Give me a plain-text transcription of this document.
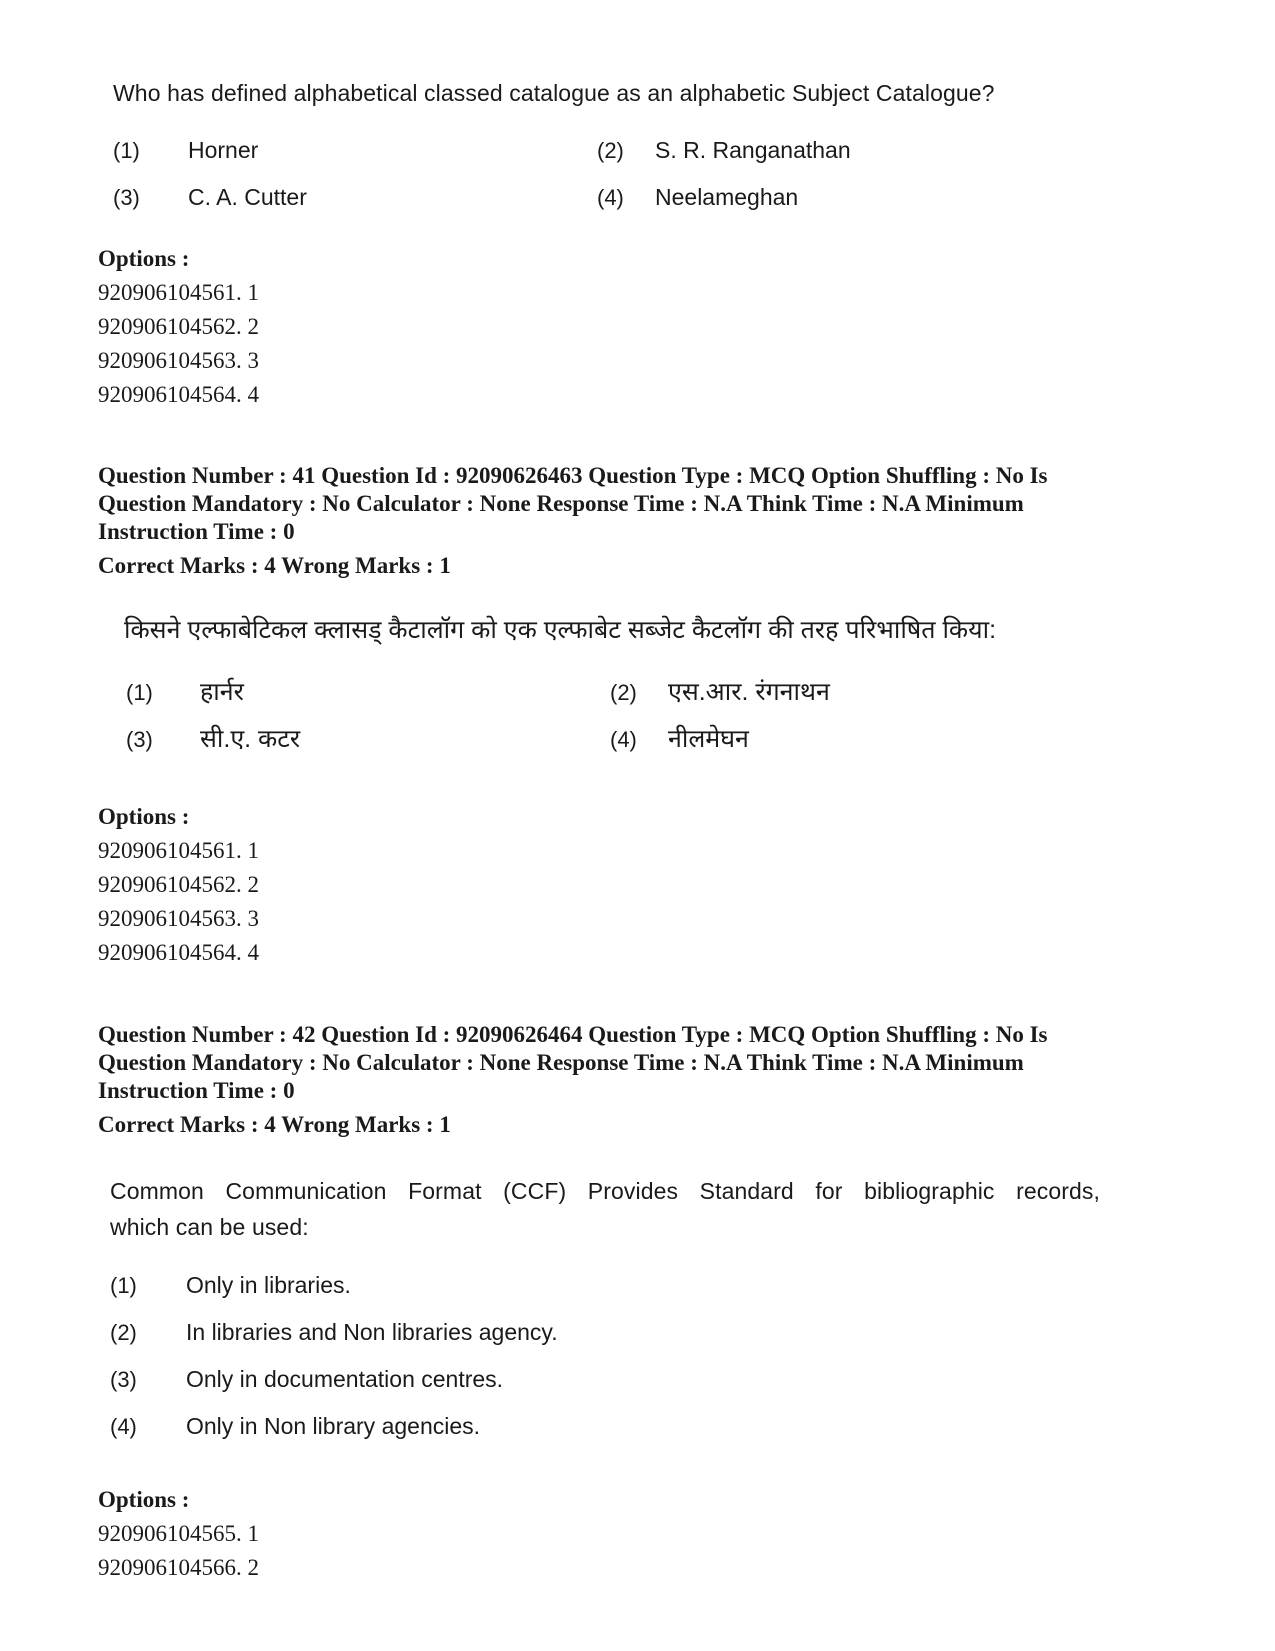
Who has defined alphabetical classed catalogue as an alphabetic Subject Catalogue?
(1) Horner	(2) S. R. Ranganathan
(3) C. A. Cutter	(4) Neelameghan
Options :
920906104561. 1
920906104562. 2
920906104563. 3
920906104564. 4
Question Number : 41 Question Id : 92090626463 Question Type : MCQ Option Shuffling : No Is
Question Mandatory : No Calculator : None Response Time : N.A Think Time : N.A Minimum
Instruction Time : 0
Correct Marks : 4 Wrong Marks : 1
किसने एल्फाबेटिकल क्लासड् कैटालॉग को एक एल्फाबेट सब्जेट कैटलॉग की तरह परिभाषित किया:
(1) हार्नर	(2) एस.आर. रंगनाथन
(3) सी.ए. कटर	(4) नीलमेघन
Options :
920906104561. 1
920906104562. 2
920906104563. 3
920906104564. 4
Question Number : 42 Question Id : 92090626464 Question Type : MCQ Option Shuffling : No Is
Question Mandatory : No Calculator : None Response Time : N.A Think Time : N.A Minimum
Instruction Time : 0
Correct Marks : 4 Wrong Marks : 1
Common Communication Format (CCF) Provides Standard for bibliographic records,
which can be used:
(1) Only in libraries.
(2) In libraries and Non libraries agency.
(3) Only in documentation centres.
(4) Only in Non library agencies.
Options :
920906104565. 1
920906104566. 2
